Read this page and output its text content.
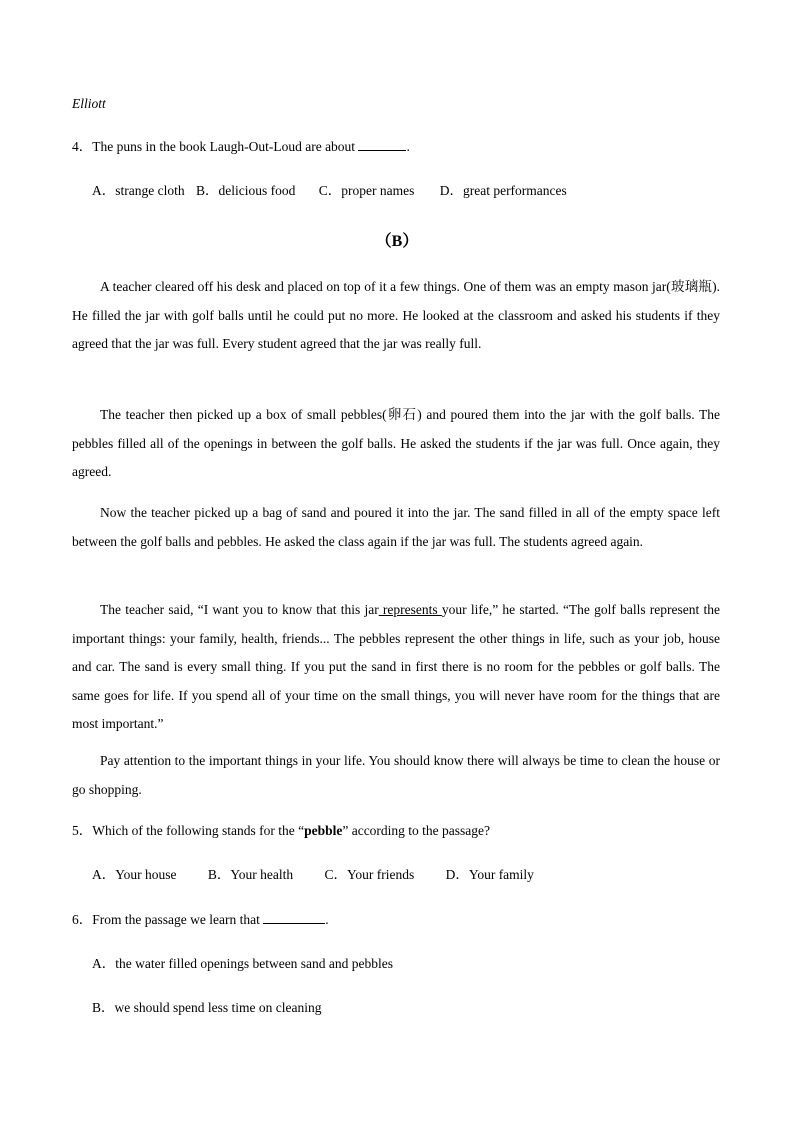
Elliott
4．The puns in the book Laugh-Out-Loud are about	.
A．strange cloth B．delicious food C．proper names D．great performances
（B）
A teacher cleared off his desk and placed on top of it a few things. One of them was an empty mason jar(玻璃瓶). He filled the jar with golf balls until he could put no more. He looked at the classroom and asked his students if they agreed that the jar was full. Every student agreed that the jar was really full.
The teacher then picked up a box of small pebbles(卵石) and poured them into the jar with the golf balls. The pebbles filled all of the openings in between the golf balls. He asked the students if the jar was full. Once again, they agreed.
Now the teacher picked up a bag of sand and poured it into the jar. The sand filled in all of the empty space left between the golf balls and pebbles. He asked the class again if the jar was full. The students agreed again.
The teacher said, “I want you to know that this jar represents your life,” he started. “The golf balls represent the important things: your family, health, friends... The pebbles represent the other things in life, such as your job, house and car. The sand is every small thing. If you put the sand in first there is no room for the pebbles or golf balls. The same goes for life. If you spend all of your time on the small things, you will never have room for the things that are most important.”
Pay attention to the important things in your life. You should know there will always be time to clean the house or go shopping.
5．Which of the following stands for the “pebble” according to the passage?
A．Your house B．Your health C．Your friends D．Your family
6．From the passage we learn that	.
A．the water filled openings between sand and pebbles
B．we should spend less time on cleaning
